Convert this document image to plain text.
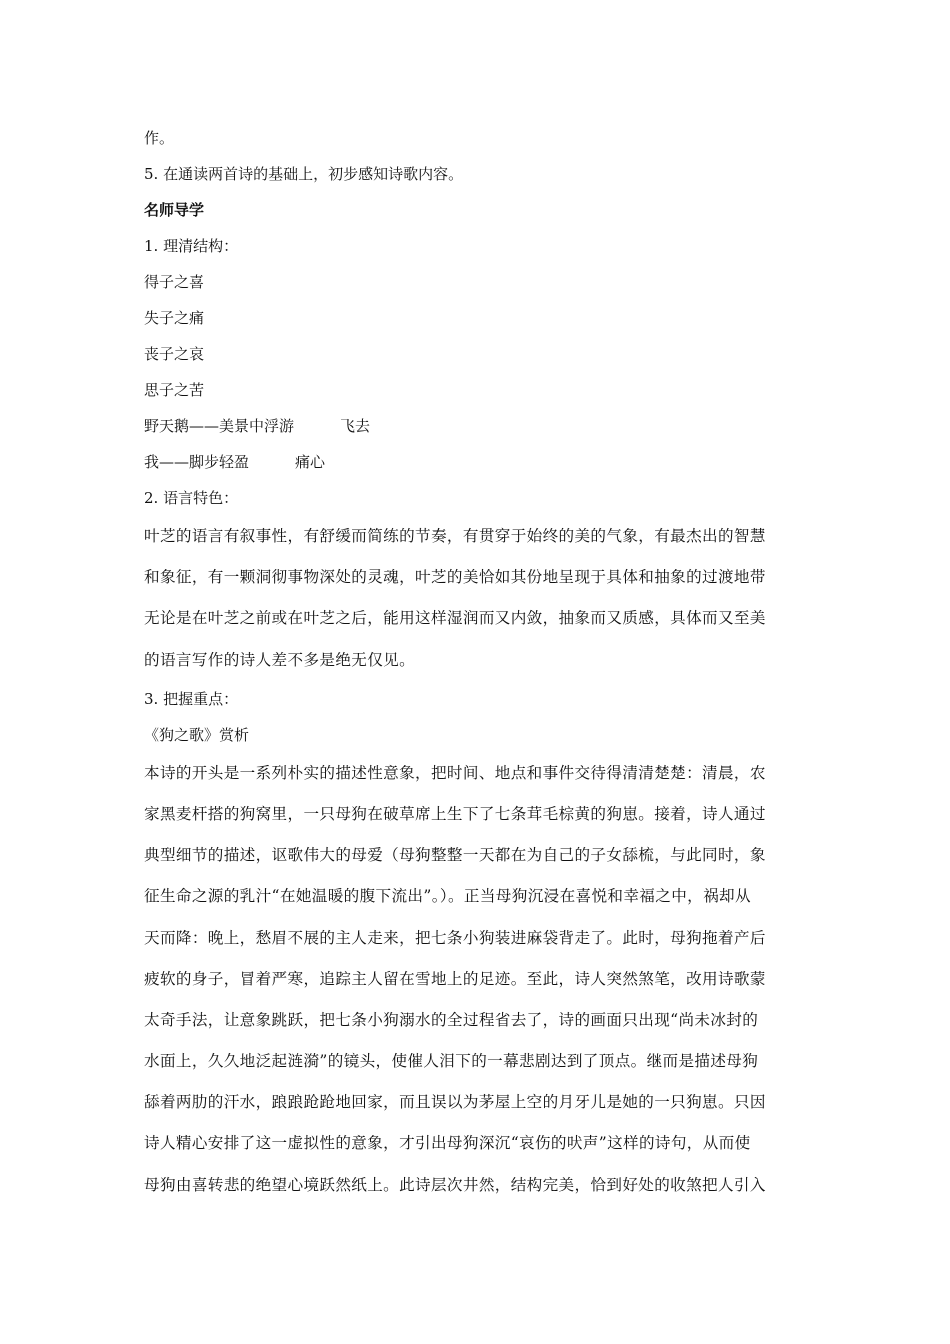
作。
5. 在通读两首诗的基础上，初步感知诗歌内容。
名师导学
1. 理清结构：
得子之喜
失子之痛
丧子之哀
思子之苦
野天鹅——美景中浮游	飞去
我——脚步轻盈	痛心
2. 语言特色：
叶芝的语言有叙事性，有舒缓而简练的节奏，有贯穿于始终的美的气象，有最杰出的智慧
和象征，有一颗洞彻事物深处的灵魂，叶芝的美恰如其份地呈现于具体和抽象的过渡地带
无论是在叶芝之前或在叶芝之后，能用这样湿润而又内敛，抽象而又质感，具体而又至美
的语言写作的诗人差不多是绝无仅见。
3. 把握重点：
《狗之歌》赏析
本诗的开头是一系列朴实的描述性意象，把时间、地点和事件交待得清清楚楚：清晨，农
家黑麦杆搭的狗窝里，一只母狗在破草席上生下了七条茸毛棕黄的狗崽。接着，诗人通过
典型细节的描述，讴歌伟大的母爱（母狗整整一天都在为自己的子女舔梳，与此同时，象
征生命之源的乳汁“在她温暖的腹下流出”。）。正当母狗沉浸在喜悦和幸福之中，祸却从
天而降：晚上，愁眉不展的主人走来，把七条小狗装进麻袋背走了。此时，母狗拖着产后
疲软的身子，冒着严寒，追踪主人留在雪地上的足迹。至此，诗人突然煞笔，改用诗歌蒙
太奇手法，让意象跳跃，把七条小狗溺水的全过程省去了，诗的画面只出现“尚未冰封的
水面上，久久地泛起涟漪”的镜头，使催人泪下的一幕悲剧达到了顶点。继而是描述母狗
舔着两肋的汗水，踉踉跄跄地回家，而且误以为茅屋上空的月牙儿是她的一只狗崽。只因
诗人精心安排了这一虚拟性的意象，才引出母狗深沉“哀伤的吠声”这样的诗句，从而使
母狗由喜转悲的绝望心境跃然纸上。此诗层次井然，结构完美，恰到好处的收煞把人引入
